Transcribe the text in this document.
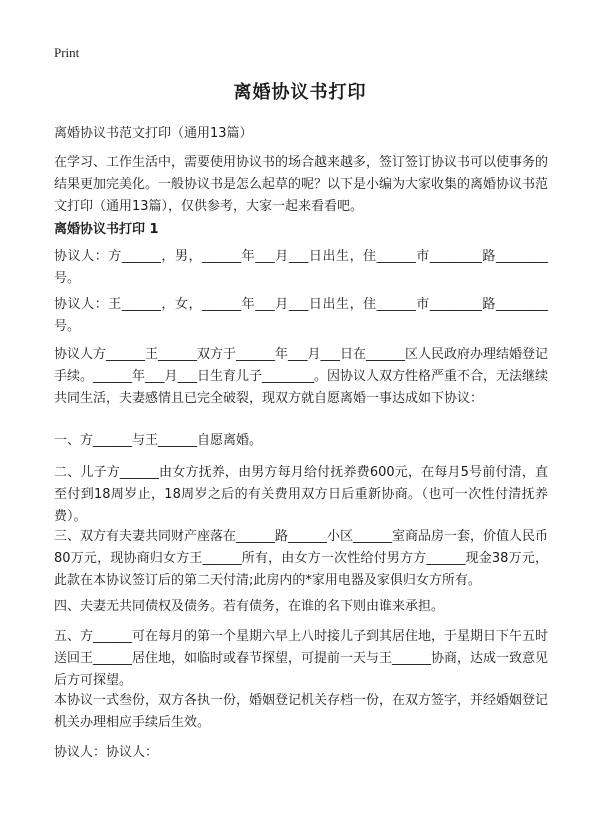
Print
离婚协议书打印
离婚协议书范文打印（通用13篇）
在学习、工作生活中，需要使用协议书的场合越来越多，签订签订协议书可以使事务的结果更加完美化。一般协议书是怎么起草的呢？以下是小编为大家收集的离婚协议书范文打印（通用13篇），仅供参考，大家一起来看看吧。
离婚协议书打印 1
协议人：方______，男，______年___月___日出生，住______市________路________号。
协议人：王______，女，______年___月___日出生，住______市________路________号。
协议人方______王______双方于______年___月___日在______区人民政府办理结婚登记手续。______年___月___日生育儿子________。因协议人双方性格严重不合，无法继续共同生活，夫妻感情且已完全破裂，现双方就自愿离婚一事达成如下协议：
一、方______与王______自愿离婚。
二、儿子方______由女方抚养，由男方每月给付抚养费600元，在每月5号前付清，直至付到18周岁止，18周岁之后的有关费用双方日后重新协商。（也可一次性付清抚养费）。
三、双方有夫妻共同财产座落在______路______小区______室商品房一套，价值人民币80万元，现协商归女方王______所有，由女方一次性给付男方方______现金38万元，此款在本协议签订后的第二天付清;此房内的*家用电器及家俱归女方所有。
四、夫妻无共同债权及债务。若有债务，在谁的名下则由谁来承担。
五、方______可在每月的第一个星期六早上八时接儿子到其居住地，于星期日下午五时送回王______居住地，如临时或春节探望，可提前一天与王______协商，达成一致意见后方可探望。
本协议一式叁份，双方各执一份，婚姻登记机关存档一份，在双方签字，并经婚姻登记机关办理相应手续后生效。
协议人：协议人：
